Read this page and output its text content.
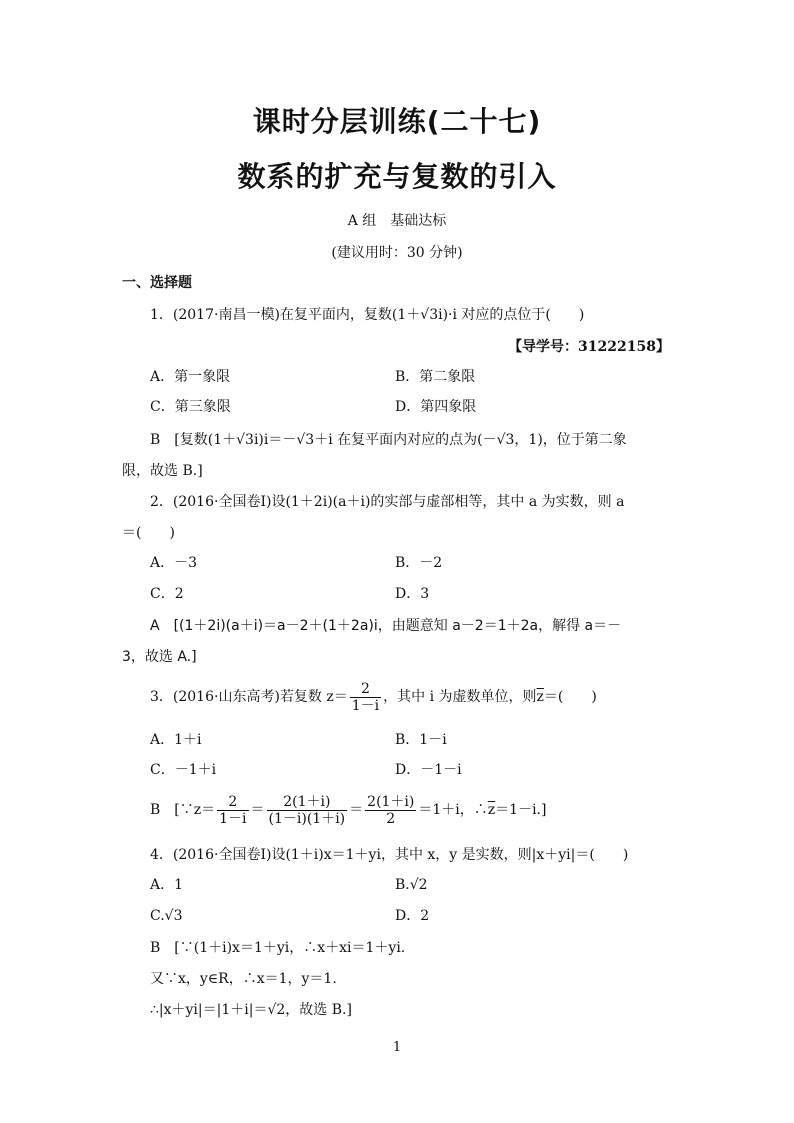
课时分层训练(二十七)
数系的扩充与复数的引入
A 组　基础达标
(建议用时：30 分钟)
一、选择题
1．(2017·南昌一模)在复平面内，复数(1＋√3i)·i 对应的点位于(　　)
【导学号：31222158】
A．第一象限	B．第二象限
C．第三象限	D．第四象限
B　[复数(1＋√3i)i＝－√3＋i 在复平面内对应的点为(－√3，1)，位于第二象
限，故选 B.]
2．(2016·全国卷Ⅰ)设(1＋2i)(a＋i)的实部与虚部相等，其中 a 为实数，则 a
＝(　　)
A．－3	B．－2
C．2	D．3
A　[(1＋2i)(a＋i)＝a－2＋(1＋2a)i，由题意知 a－2＝1＋2a，解得 a＝－
3，故选 A.]
3．(2016·山东高考)若复数 $z= \frac{2}{1-i}$ ，其中 i 为虚数单位，则$\overline{z}=$(　　)
A．1＋i	B．1－i
C．－1＋i	D．－1－i
B　[∵z＝ $\frac{2}{1-i} = \frac{2(1+i)}{(1-i)(1+i)} = \frac{2(1+i)}{2} =1+i$，$\therefore\overline{z}=1-i$.]
4．(2016·全国卷Ⅰ)设(1＋i)x＝1＋yi，其中 x，y 是实数，则|x＋yi|＝(　　)
A．1	B.√2
C.√3	D．2
B　[∵(1＋i)x＝1＋yi，∴x＋xi＝1＋yi.
又∵x，y∈R，∴x＝1，y＝1.
∴|x＋yi|＝|1＋i|＝√2，故选 B.]
1
